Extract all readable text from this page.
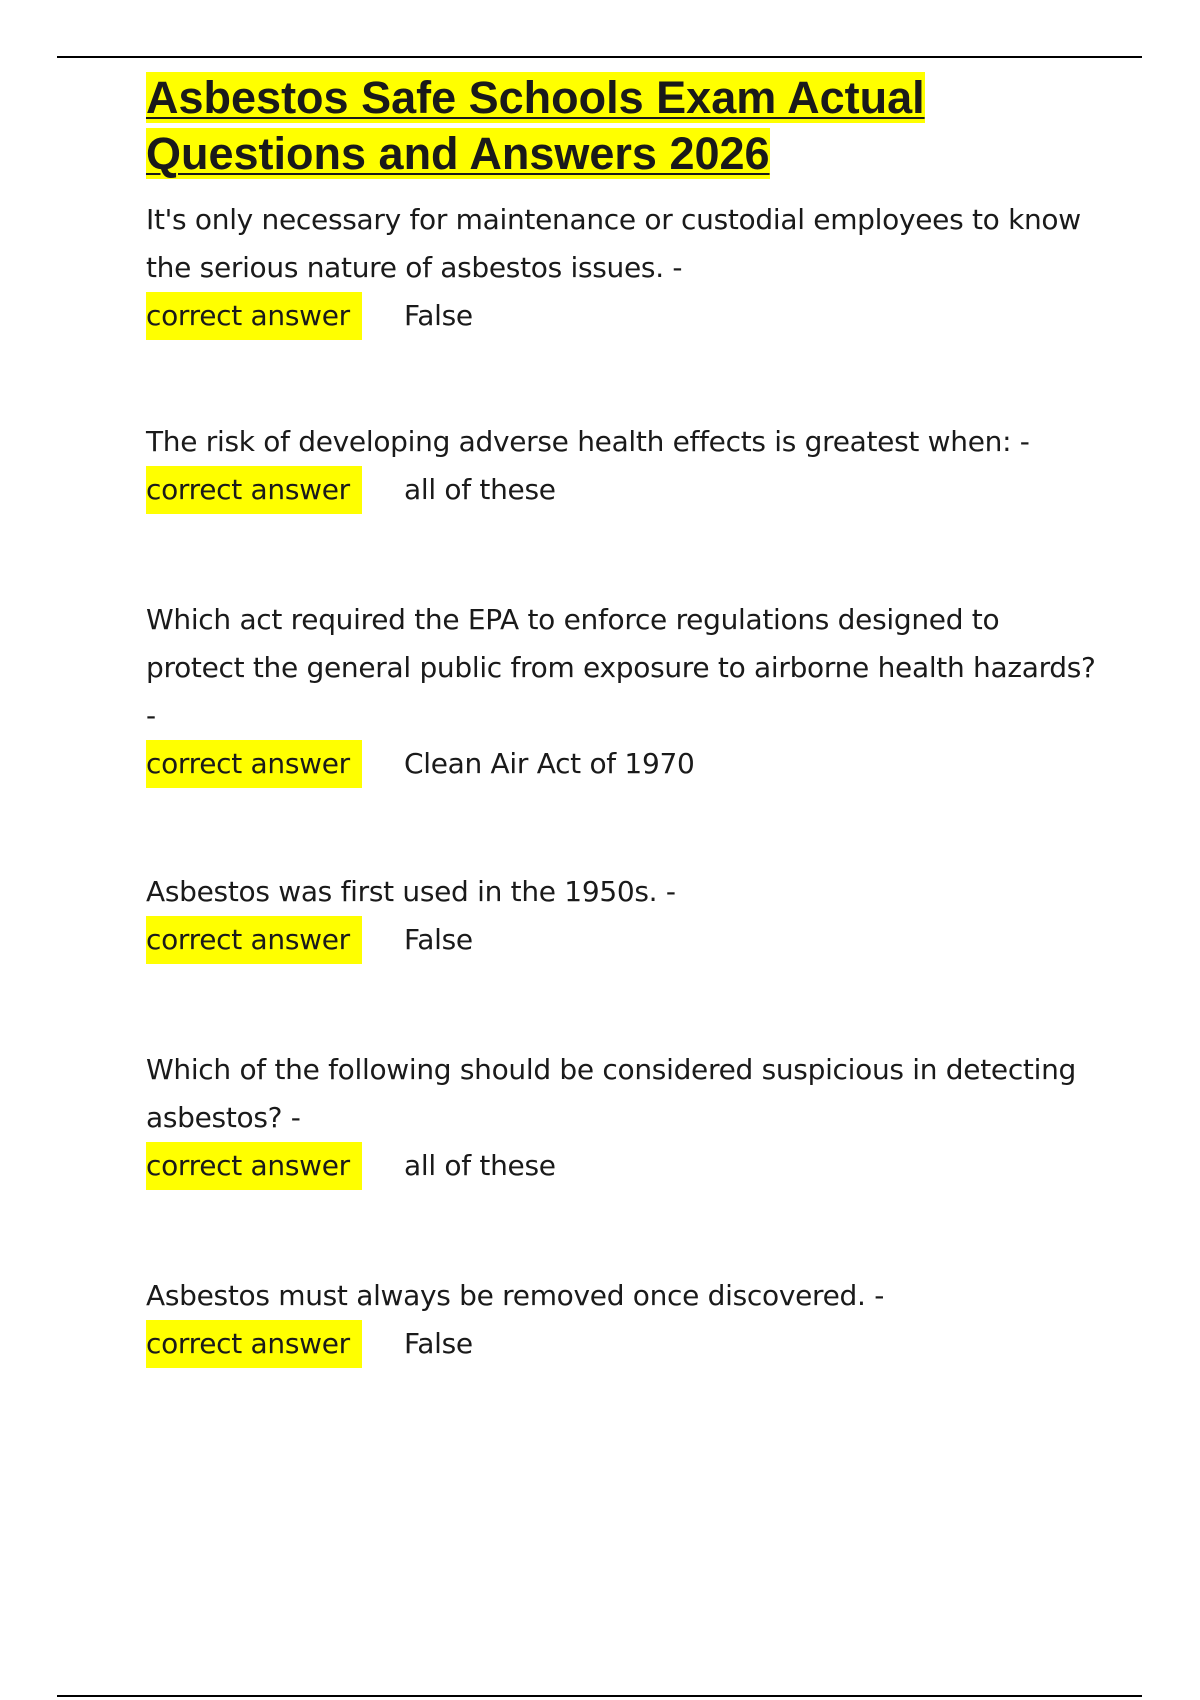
Asbestos Safe Schools Exam Actual
Questions and Answers 2026

It's only necessary for maintenance or custodial employees to know the serious nature of asbestos issues. -

correct answer	False

The risk of developing adverse health effects is greatest when: -

correct answer	all of these

Which act required the EPA to enforce regulations designed to protect the general public from exposure to airborne health hazards? -

correct answer	Clean Air Act of 1970

Asbestos was first used in the 1950s. -

correct answer	False

Which of the following should be considered suspicious in detecting asbestos? -

correct answer	all of these

Asbestos must always be removed once discovered. -

correct answer	False
